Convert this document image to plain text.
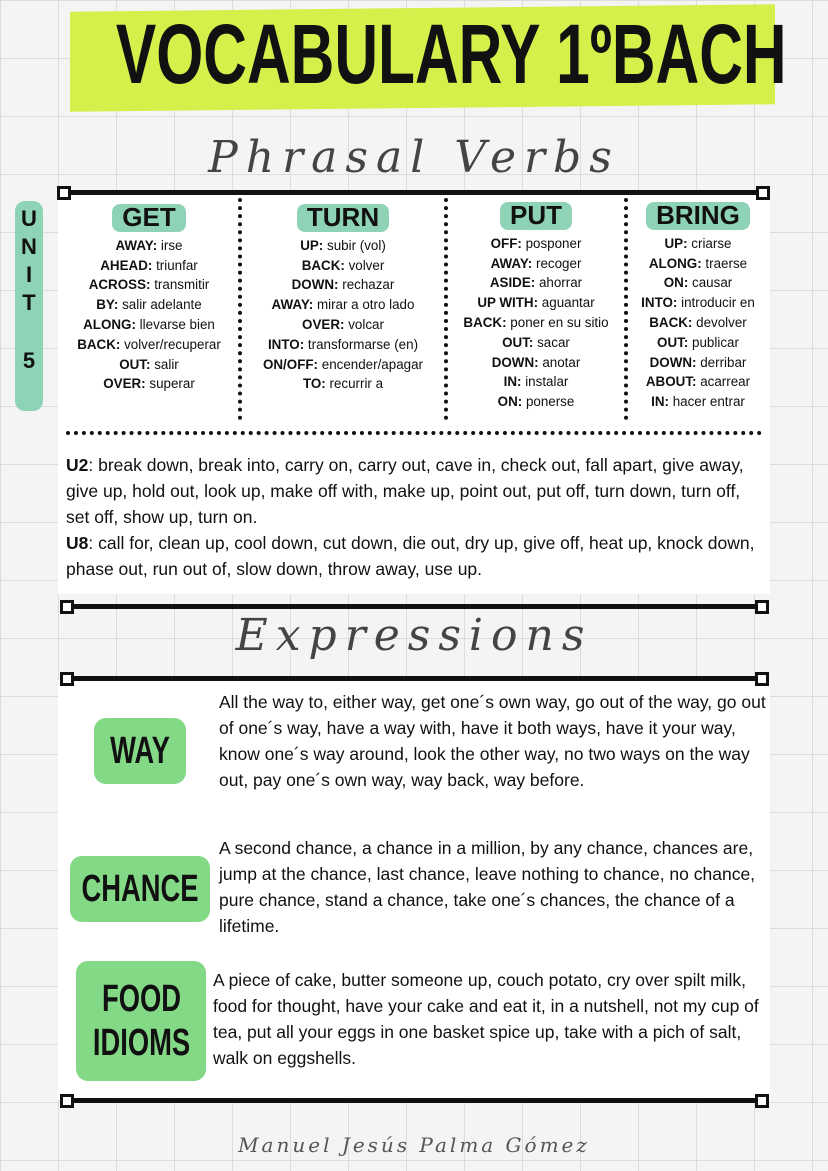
VOCABULARY 1ºBACH
Phrasal Verbs
U
N
I
T
5
GET
AWAY: irse
AHEAD: triunfar
ACROSS: transmitir
BY: salir adelante
ALONG: llevarse bien
BACK: volver/recuperar
OUT: salir
OVER: superar
TURN
UP: subir (vol)
BACK: volver
DOWN: rechazar
AWAY: mirar a otro lado
OVER: volcar
INTO: transformarse (en)
ON/OFF: encender/apagar
TO: recurrir a
PUT
OFF: posponer
AWAY: recoger
ASIDE: ahorrar
UP WITH: aguantar
BACK: poner en su sitio
OUT: sacar
DOWN: anotar
IN: instalar
ON: ponerse
BRING
UP: criarse
ALONG: traerse
ON: causar
INTO: introducir en
BACK: devolver
OUT: publicar
DOWN: derribar
ABOUT: acarrear
IN: hacer entrar
U2: break down, break into, carry on, carry out, cave in, check out, fall apart, give away, give up, hold out, look up, make off with, make up, point out, put off, turn down, turn off, set off, show up, turn on.
U8: call for, clean up, cool down, cut down, die out, dry up, give off, heat up, knock down, phase out, run out of, slow down, throw away, use up.
Expressions
WAY
All the way to, either way, get one´s own way, go out of the way, go out of one´s way, have a way with, have it both ways, have it your way, know one´s way around, look the other way, no two ways on the way out, pay one´s own way, way back, way before.
CHANCE
A second chance, a chance in a million, by any chance, chances are, jump at the chance, last chance, leave nothing to chance, no chance, pure chance, stand a chance, take one´s chances, the chance of a lifetime.
FOOD IDIOMS
A piece of cake, butter someone up, couch potato, cry over spilt milk, food for thought, have your cake and eat it, in a nutshell, not my cup of tea, put all your eggs in one basket spice up, take with a pich of salt, walk on eggshells.
Manuel Jesús Palma Gómez
